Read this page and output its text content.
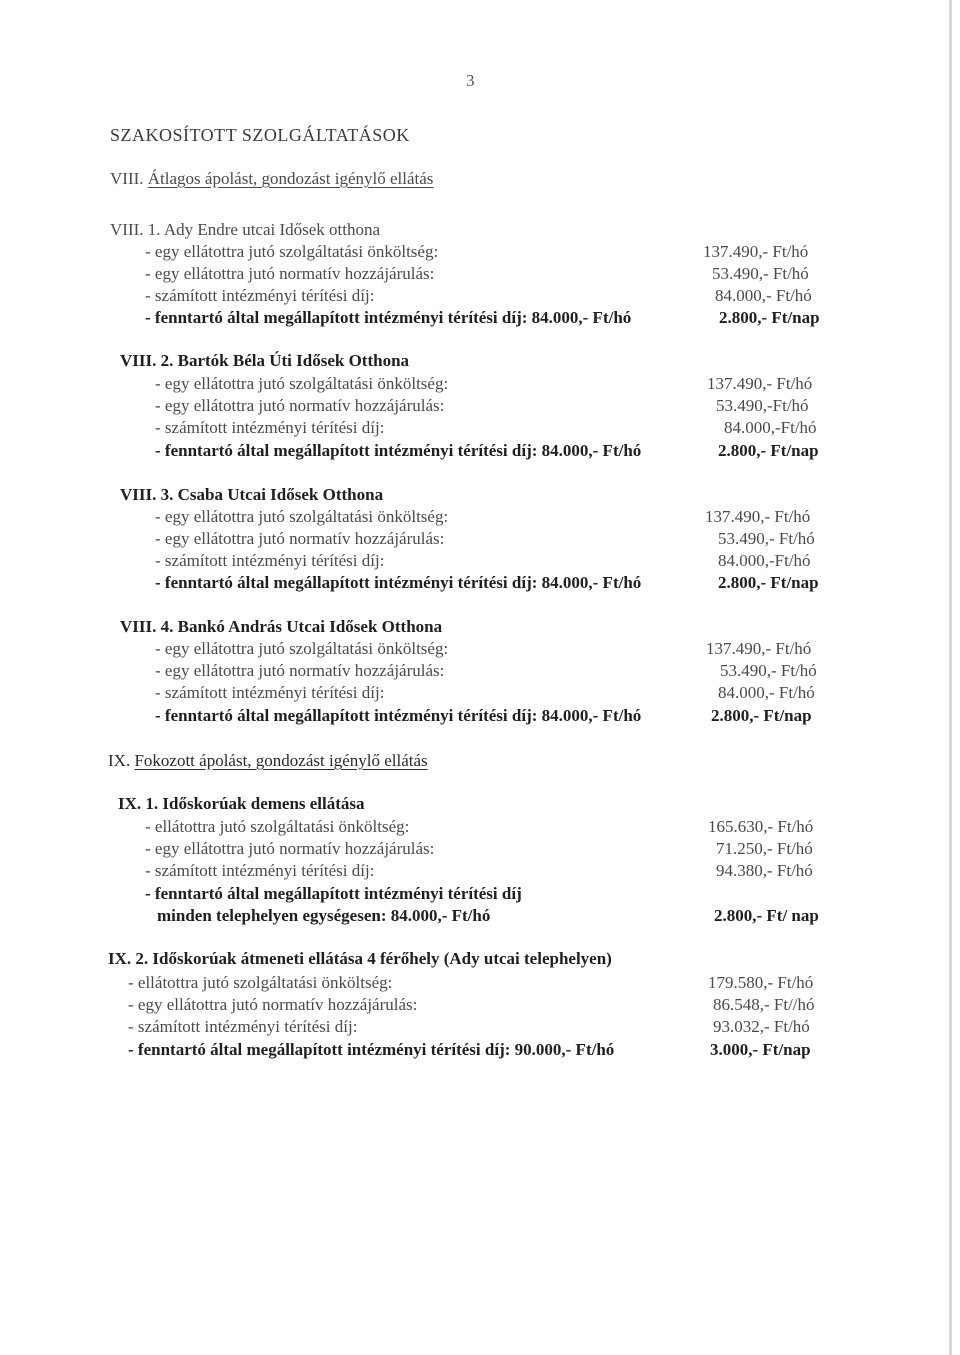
3
SZAKOSÍTOTT SZOLGÁLTATÁSOK
VIII. Átlagos ápolást, gondozást igénylő ellátás
VIII. 1. Ady Endre utcai Idősek otthona
- egy ellátottra jutó szolgáltatási önköltség:	137.490,- Ft/hó
- egy ellátottra jutó normatív hozzájárulás:	53.490,- Ft/hó
- számított intézményi térítési díj:	84.000,- Ft/hó
- fenntartó által megállapított intézményi térítési díj: 84.000,- Ft/hó	2.800,- Ft/nap
VIII. 2. Bartók Béla Úti Idősek Otthona
- egy ellátottra jutó szolgáltatási önköltség:	137.490,- Ft/hó
- egy ellátottra jutó normatív hozzájárulás:	53.490,-Ft/hó
- számított intézményi térítési díj:	84.000,-Ft/hó
- fenntartó által megállapított intézményi térítési díj: 84.000,- Ft/hó	2.800,- Ft/nap
VIII. 3. Csaba Utcai Idősek Otthona
- egy ellátottra jutó szolgáltatási önköltség:	137.490,- Ft/hó
- egy ellátottra jutó normatív hozzájárulás:	53.490,- Ft/hó
- számított intézményi térítési díj:	84.000,-Ft/hó
- fenntartó által megállapított intézményi térítési díj: 84.000,- Ft/hó	2.800,- Ft/nap
VIII. 4. Bankó András Utcai Idősek Otthona
- egy ellátottra jutó szolgáltatási önköltség:	137.490,- Ft/hó
- egy ellátottra jutó normatív hozzájárulás:	53.490,- Ft/hó
- számított intézményi térítési díj:	84.000,- Ft/hó
- fenntartó által megállapított intézményi térítési díj: 84.000,- Ft/hó	2.800,- Ft/nap
IX. Fokozott ápolást, gondozást igénylő ellátás
IX. 1. Időskorúak demens ellátása
- ellátottra jutó szolgáltatási önköltség:	165.630,- Ft/hó
- egy ellátottra jutó normatív hozzájárulás:	71.250,- Ft/hó
- számított intézményi térítési díj:	94.380,- Ft/hó
- fenntartó által megállapított intézményi térítési díj
minden telephelyen egységesen: 84.000,- Ft/hó	2.800,- Ft/ nap
IX. 2. Időskorúak átmeneti ellátása 4 férőhely (Ady utcai telephelyen)
- ellátottra jutó szolgáltatási önköltség:	179.580,- Ft/hó
- egy ellátottra jutó normatív hozzájárulás:	86.548,- Ft//hó
- számított intézményi térítési díj:	93.032,- Ft/hó
- fenntartó által megállapított intézményi térítési díj: 90.000,- Ft/hó	3.000,- Ft/nap
